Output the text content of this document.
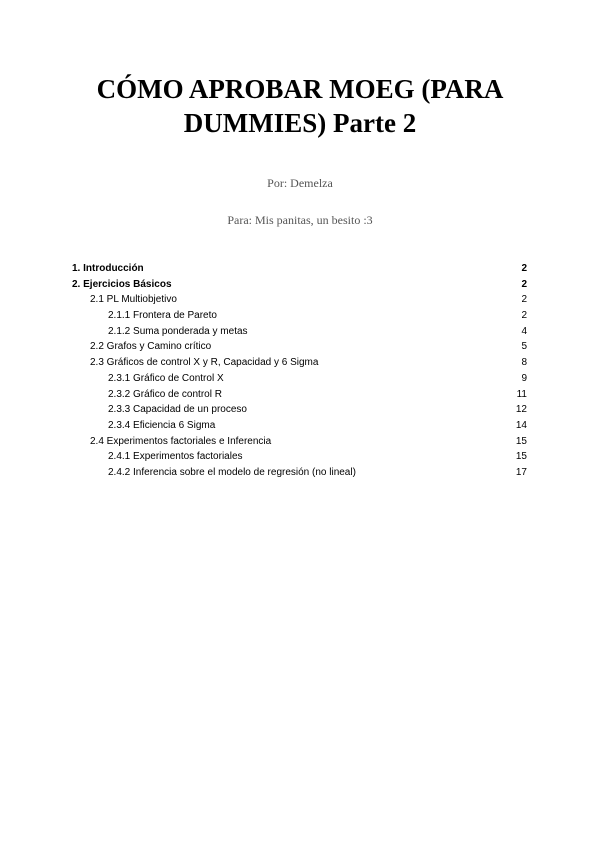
CÓMO APROBAR MOEG (PARA DUMMIES) Parte 2
Por: Demelza
Para: Mis panitas, un besito :3
1. Introducción	2
2. Ejercicios Básicos	2
2.1 PL Multiobjetivo	2
2.1.1 Frontera de Pareto	2
2.1.2 Suma ponderada y metas	4
2.2 Grafos y Camino crítico	5
2.3 Gráficos de control X y R, Capacidad y 6 Sigma	8
2.3.1 Gráfico de Control X	9
2.3.2 Gráfico de control R	11
2.3.3 Capacidad de un proceso	12
2.3.4 Eficiencia 6 Sigma	14
2.4 Experimentos factoriales e Inferencia	15
2.4.1 Experimentos factoriales	15
2.4.2 Inferencia sobre el modelo de regresión (no lineal)	17
